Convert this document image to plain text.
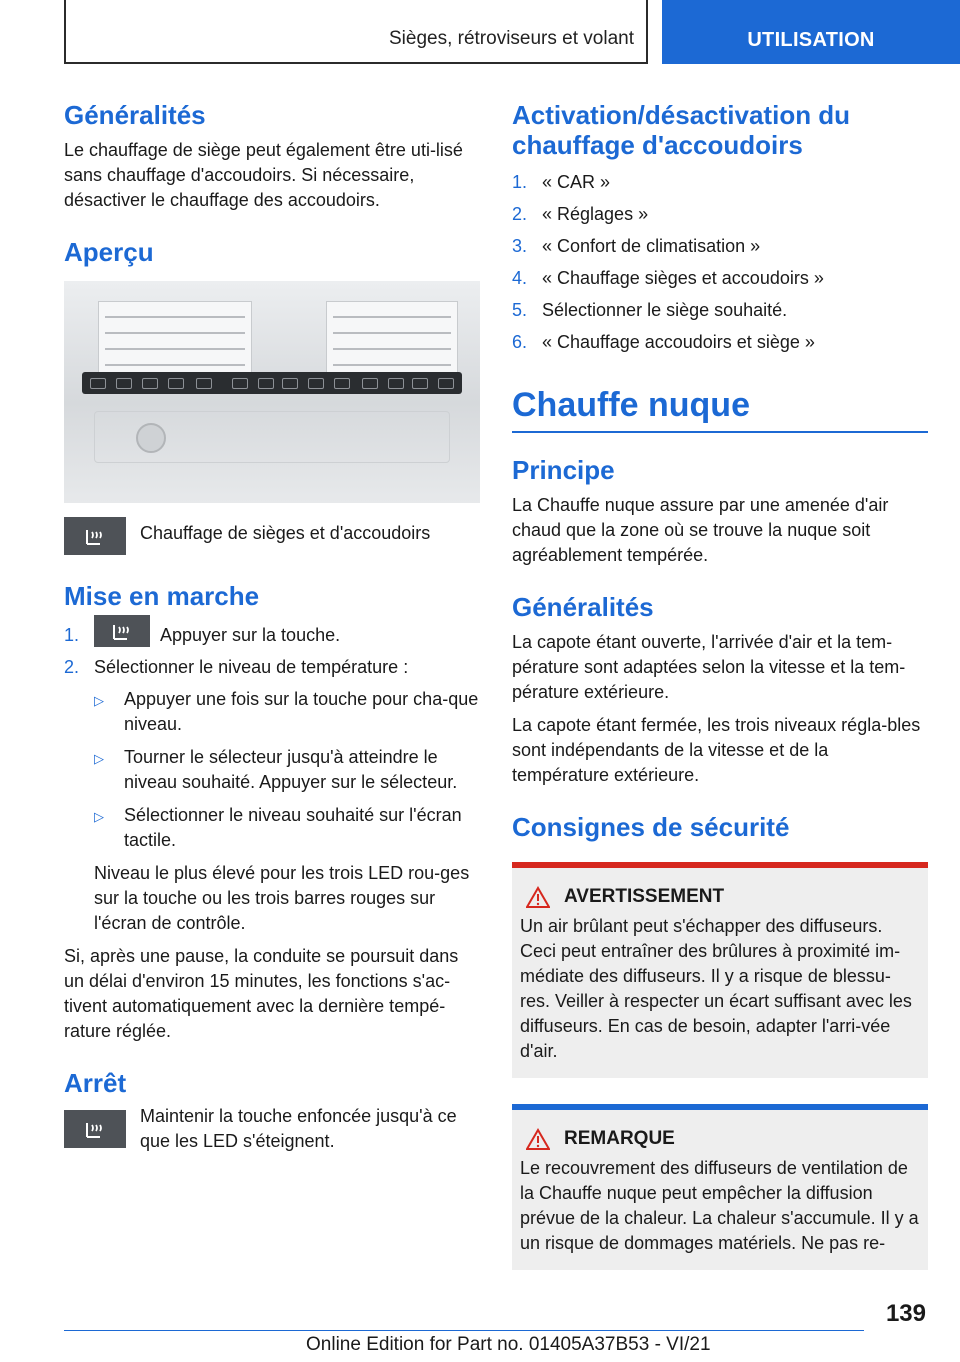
Sièges, rétroviseurs et volant	UTILISATION
Généralités

Le chauffage de siège peut également être uti-lisé sans chauffage d'accoudoirs. Si nécessaire, désactiver le chauffage des accoudoirs.

Aperçu

Chauffage de sièges et d'accoudoirs

Mise en marche
1.	Appuyer sur la touche.
2. Sélectionner le niveau de température :
▷	Appuyer une fois sur la touche pour cha-que niveau.
▷	Tourner le sélecteur jusqu'à atteindre le niveau souhaité. Appuyer sur le sélecteur.
▷	Sélectionner le niveau souhaité sur l'écran tactile.

Niveau le plus élevé pour les trois LED rou-ges sur la touche ou les trois barres rouges sur l'écran de contrôle.

Si, après une pause, la conduite se poursuit dans un délai d'environ 15 minutes, les fonctions s'ac-tivent automatiquement avec la dernière tempé-rature réglée.

Arrêt

Maintenir la touche enfoncée jusqu'à ce que les LED s'éteignent.

Activation/désactivation du chauffage d'accoudoirs
1. « CAR »
2. « Réglages »
3. « Confort de climatisation »
4. « Chauffage sièges et accoudoirs »
5. Sélectionner le siège souhaité.
6. « Chauffage accoudoirs et siège »
Chauffe nuque
Principe

La Chauffe nuque assure par une amenée d'air chaud que la zone où se trouve la nuque soit agréablement tempérée.

Généralités

La capote étant ouverte, l'arrivée d'air et la tem-pérature sont adaptées selon la vitesse et la tem-pérature extérieure.

La capote étant fermée, les trois niveaux régla-bles sont indépendants de la vitesse et de la température extérieure.

Consignes de sécurité
AVERTISSEMENT

Un air brûlant peut s'échapper des diffuseurs. Ceci peut entraîner des brûlures à proximité im-médiate des diffuseurs. Il y a risque de blessu-res. Veiller à respecter un écart suffisant avec les diffuseurs. En cas de besoin, adapter l'arri-vée d'air.

REMARQUE

Le recouvrement des diffuseurs de ventilation de la Chauffe nuque peut empêcher la diffusion prévue de la chaleur. La chaleur s'accumule. Il y a un risque de dommages matériels. Ne pas re-

139
Online Edition for Part no. 01405A37B53 - VI/21
